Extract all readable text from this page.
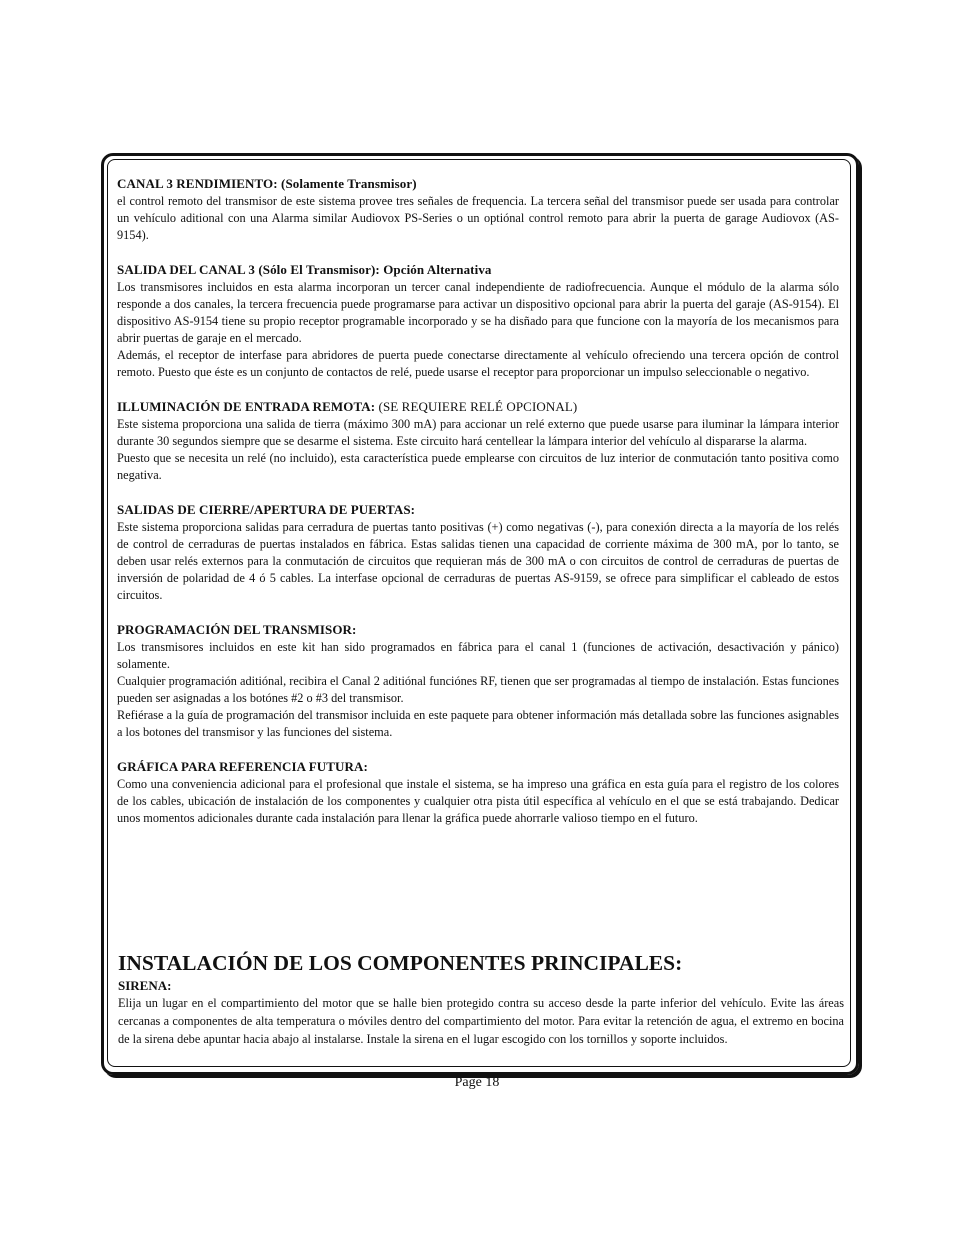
CANAL 3 RENDIMIENTO: (Solamente Transmisor)

el control remoto del transmisor de este sistema provee tres señales de frequencia. La tercera señal del transmisor puede ser usada para controlar un vehículo aditional con una Alarma similar Audiovox PS-Series o un optiónal control remoto para abrir la puerta de garage Audiovox (AS-9154).

SALIDA DEL CANAL 3 (Sólo El Transmisor): Opción Alternativa

Los transmisores incluidos en esta alarma incorporan un tercer canal independiente de radiofrecuencia. Aunque el módulo de la alarma sólo responde a dos canales, la tercera frecuencia puede programarse para activar un dispositivo opcional para abrir la puerta del garaje (AS-9154). El dispositivo AS-9154 tiene su propio receptor programable incorporado y se ha disñado para que funcione con la mayoría de los mecanismos para abrir puertas de garaje en el mercado.

Además, el receptor de interfase para abridores de puerta puede conectarse directamente al vehículo ofreciendo una tercera opción de control remoto. Puesto que éste es un conjunto de contactos de relé, puede usarse el receptor para proporcionar un impulso seleccionable o negativo.

ILLUMINACIÓN DE ENTRADA REMOTA: (SE REQUIERE RELÉ OPCIONAL)

Este sistema proporciona una salida de tierra (máximo 300 mA) para accionar un relé externo que puede usarse para iluminar la lámpara interior durante 30 segundos siempre que se desarme el sistema. Este circuito hará centellear la lámpara interior del vehículo al dispararse la alarma.

Puesto que se necesita un relé (no incluido), esta característica puede emplearse con circuitos de luz interior de conmutación tanto positiva como negativa.

SALIDAS DE CIERRE/APERTURA DE PUERTAS:

Este sistema proporciona salidas para cerradura de puertas tanto positivas (+) como negativas (-), para conexión directa a la mayoría de los relés de control de cerraduras de puertas instalados en fábrica. Estas salidas tienen una capacidad de corriente máxima de 300 mA, por lo tanto, se deben usar relés externos para la conmutación de circuitos que requieran más de 300 mA o con circuitos de control de cerraduras de puertas de inversión de polaridad de 4 ó 5 cables. La interfase opcional de cerraduras de puertas AS-9159, se ofrece para simplificar el cableado de estos circuitos.

PROGRAMACIÓN DEL TRANSMISOR:

Los transmisores incluidos en este kit han sido programados en fábrica para el canal 1 (funciones de activación, desactivación y pánico) solamente.

Cualquier programación aditiónal, recibira el Canal 2 aditiónal funciónes RF, tienen que ser programadas al tiempo de instalación. Estas funciones pueden ser asignadas a los botónes #2 o #3 del transmisor.

Refiérase a la guía de programación del transmisor incluida en este paquete para obtener información más detallada sobre las funciones asignables a los botones del transmisor y las funciones del sistema.

GRÁFICA PARA REFERENCIA FUTURA:

Como una conveniencia adicional para el profesional que instale el sistema, se ha impreso una gráfica en esta guía para el registro de los colores de los cables, ubicación de instalación de los componentes y cualquier otra pista útil específica al vehículo en el que se está trabajando. Dedicar unos momentos adicionales durante cada instalación para llenar la gráfica puede ahorrarle valioso tiempo en el futuro.

INSTALACIÓN DE LOS COMPONENTES PRINCIPALES:
SIRENA:

Elija un lugar en el compartimiento del motor que se halle bien protegido contra su acceso desde la parte inferior del vehículo. Evite las áreas cercanas a componentes de alta temperatura o móviles dentro del compartimiento del motor. Para evitar la retención de agua, el extremo en bocina de la sirena debe apuntar hacia abajo al instalarse. Instale la sirena en el lugar escogido con los tornillos y soporte incluidos.

Page 18
